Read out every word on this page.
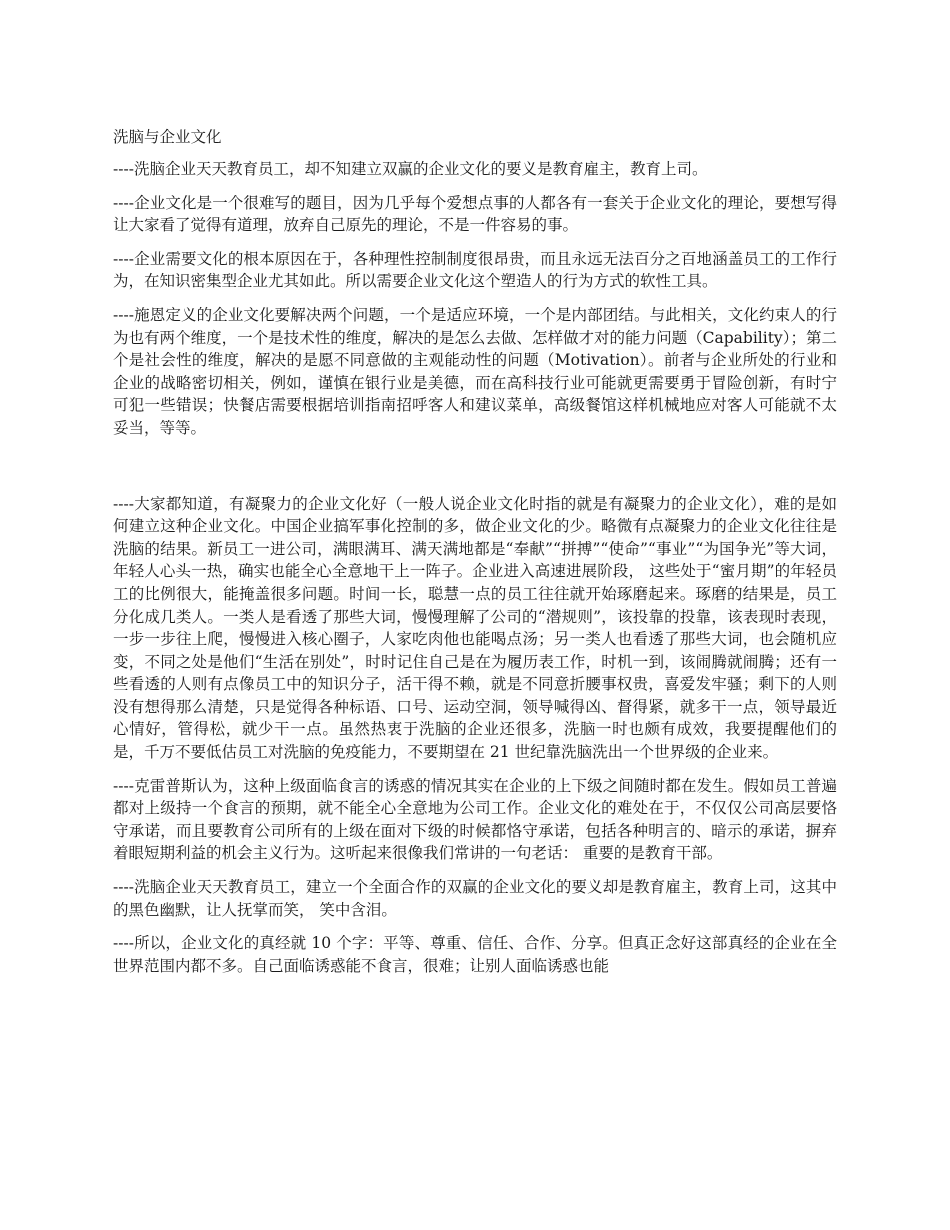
洗脑与企业文化

----洗脑企业天天教育员工，却不知建立双赢的企业文化的要义是教育雇主，教育上司。

----企业文化是一个很难写的题目，因为几乎每个爱想点事的人都各有一套关于企业文化的理论，要想写得让大家看了觉得有道理，放弃自己原先的理论，不是一件容易的事。

----企业需要文化的根本原因在于，各种理性控制制度很昂贵，而且永远无法百分之百地涵盖员工的工作行为，在知识密集型企业尤其如此。所以需要企业文化这个塑造人的行为方式的软性工具。

----施恩定义的企业文化要解决两个问题，一个是适应环境，一个是内部团结。与此相关，文化约束人的行为也有两个维度，一个是技术性的维度，解决的是怎么去做、怎样做才对的能力问题（Capability）；第二个是社会性的维度，解决的是愿不同意做的主观能动性的问题（Motivation）。前者与企业所处的行业和企业的战略密切相关，例如，谨慎在银行业是美德，而在高科技行业可能就更需要勇于冒险创新，有时宁可犯一些错误；快餐店需要根据培训指南招呼客人和建议菜单，高级餐馆这样机械地应对客人可能就不太妥当，等等。

----大家都知道，有凝聚力的企业文化好（一般人说企业文化时指的就是有凝聚力的企业文化），难的是如何建立这种企业文化。中国企业搞军事化控制的多，做企业文化的少。略微有点凝聚力的企业文化往往是洗脑的结果。新员工一进公司，满眼满耳、满天满地都是“奉献”“拼搏”“使命”“事业”“为国争光”等大词，年轻人心头一热，确实也能全心全意地干上一阵子。企业进入高速进展阶段， 这些处于“蜜月期”的年轻员工的比例很大，能掩盖很多问题。时间一长，聪慧一点的员工往往就开始琢磨起来。琢磨的结果是，员工分化成几类人。一类人是看透了那些大词，慢慢理解了公司的“潜规则”，该投靠的投靠，该表现时表现，一步一步往上爬，慢慢进入核心圈子，人家吃肉他也能喝点汤；另一类人也看透了那些大词，也会随机应变，不同之处是他们“生活在别处”，时时记住自己是在为履历表工作，时机一到，该闹腾就闹腾；还有一些看透的人则有点像员工中的知识分子，活干得不赖，就是不同意折腰事权贵，喜爱发牢骚；剩下的人则没有想得那么清楚，只是觉得各种标语、口号、运动空洞，领导喊得凶、督得紧，就多干一点，领导最近心情好，管得松，就少干一点。虽然热衷于洗脑的企业还很多，洗脑一时也颇有成效，我要提醒他们的是，千万不要低估员工对洗脑的免疫能力，不要期望在 21 世纪靠洗脑洗出一个世界级的企业来。

----克雷普斯认为，这种上级面临食言的诱惑的情况其实在企业的上下级之间随时都在发生。假如员工普遍都对上级持一个食言的预期，就不能全心全意地为公司工作。企业文化的难处在于，不仅仅公司高层要恪守承诺，而且要教育公司所有的上级在面对下级的时候都恪守承诺，包括各种明言的、暗示的承诺，摒弃着眼短期利益的机会主义行为。这听起来很像我们常讲的一句老话： 重要的是教育干部。

----洗脑企业天天教育员工，建立一个全面合作的双赢的企业文化的要义却是教育雇主，教育上司，这其中的黑色幽默，让人抚掌而笑， 笑中含泪。

----所以，企业文化的真经就 10 个字：平等、尊重、信任、合作、分享。但真正念好这部真经的企业在全世界范围内都不多。自己面临诱惑能不食言，很难；让别人面临诱惑也能
